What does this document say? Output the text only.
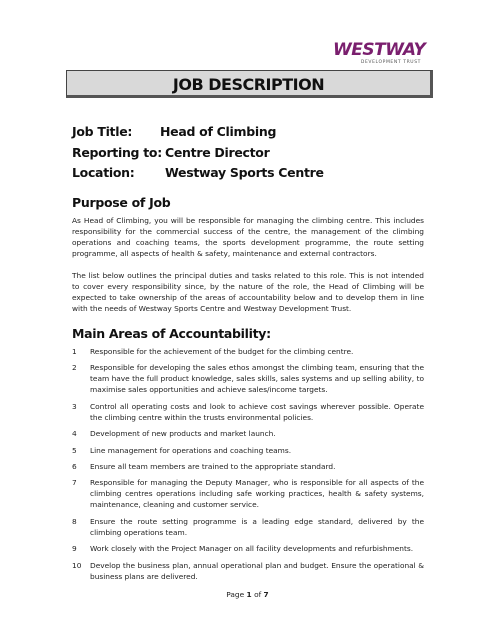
WESTWAY
DEVELOPMENT TRUST
JOB DESCRIPTION
Job Title: Head of Climbing
Reporting to: Centre Director
Location: Westway Sports Centre
Purpose of Job
As Head of Climbing, you will be responsible for managing the climbing centre. This includes responsibility for the commercial success of the centre, the management of the climbing operations and coaching teams, the sports development programme, the route setting programme, all aspects of health & safety, maintenance and external contractors.
The list below outlines the principal duties and tasks related to this role. This is not intended to cover every responsibility since, by the nature of the role, the Head of Climbing will be expected to take ownership of the areas of accountability below and to develop them in line with the needs of Westway Sports Centre and Westway Development Trust.
Main Areas of Accountability:
1 Responsible for the achievement of the budget for the climbing centre.
2 Responsible for developing the sales ethos amongst the climbing team, ensuring that the team have the full product knowledge, sales skills, sales systems and up selling ability, to maximise sales opportunities and achieve sales/income targets.
3 Control all operating costs and look to achieve cost savings wherever possible. Operate the climbing centre within the trusts environmental policies.
4 Development of new products and market launch.
5 Line management for operations and coaching teams.
6 Ensure all team members are trained to the appropriate standard.
7 Responsible for managing the Deputy Manager, who is responsible for all aspects of the climbing centres operations including safe working practices, health & safety systems, maintenance, cleaning and customer service.
8 Ensure the route setting programme is a leading edge standard, delivered by the climbing operations team.
9 Work closely with the Project Manager on all facility developments and refurbishments.
10 Develop the business plan, annual operational plan and budget. Ensure the operational & business plans are delivered.
Page 1 of 7
